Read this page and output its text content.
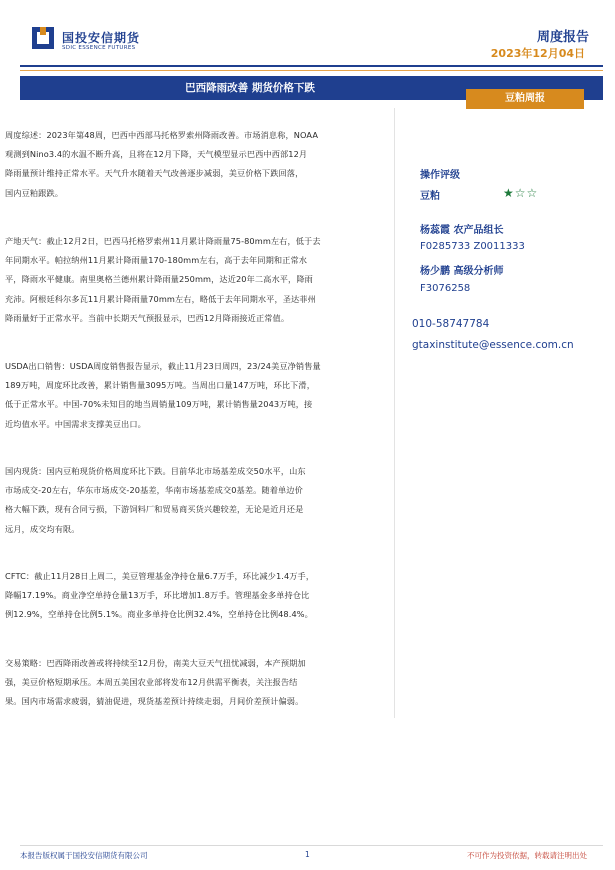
国投安信期货
SDIC ESSENCE FUTURES
周度报告
2023年12月04日
巴西降雨改善 期货价格下跌
豆粕周报
周度综述：2023年第48周，巴西中西部马托格罗索州降雨改善。市场消息称，NOAA
观测到Nino3.4的水温不断升高，且将在12月下降，天气模型显示巴西中西部12月
降雨量预计维持正常水平。天气升水随着天气改善逐步减弱，美豆价格下跌回落，
国内豆粕跟跌。
产地天气：截止12月2日，巴西马托格罗索州11月累计降雨量75-80mm左右，低于去
年同期水平。帕拉纳州11月累计降雨量170-180mm左右，高于去年同期和正常水
平，降雨水平健康。南里奥格兰德州累计降雨量250mm，达近20年二高水平，降雨
充沛。阿根廷科尔多瓦11月累计降雨量70mm左右，略低于去年同期水平，圣达菲州
降雨量好于正常水平。当前中长期天气预报显示，巴西12月降雨接近正常值。
USDA出口销售：USDA周度销售报告显示，截止11月23日周四，23/24美豆净销售量
189万吨，周度环比改善，累计销售量3095万吨。当周出口量147万吨，环比下滑，
低于正常水平。中国-70%未知目的地当周销量109万吨，累计销售量2043万吨，接
近均值水平。中国需求支撑美豆出口。
国内现货：国内豆粕现货价格周度环比下跌。目前华北市场基差成交50水平，山东
市场成交-20左右，华东市场成交-20基差，华南市场基差成交0基差。随着单边价
格大幅下跌，现有合同亏损，下游饲料厂和贸易商买货兴趣较差，无论是近月还是
远月，成交均有限。
CFTC：截止11月28日上周二，美豆管理基金净持仓量6.7万手，环比减少1.4万手，
降幅17.19%。商业净空单持仓量13万手，环比增加1.8万手。管理基金多单持仓比
例12.9%，空单持仓比例5.1%。商业多单持仓比例32.4%，空单持仓比例48.4%。
交易策略：巴西降雨改善或将持续至12月份，南美大豆天气扭忧减弱，本产预期加
强，美豆价格短期承压。本周五美国农业部将发布12月供需平衡表，关注报告结
果。国内市场需求疲弱，猜油促进，现货基差预计持续走弱，月间价差预计偏弱。
操作评级
豆粕	★☆☆
杨蕊霞 农产品组长
F0285733 Z0011333
杨少鹏 高级分析师
F3076258
010-58747784
gtaxinstitute@essence.com.cn
本报告版权属于国投安信期货有限公司	1	不可作为投资依据，转载请注明出处
